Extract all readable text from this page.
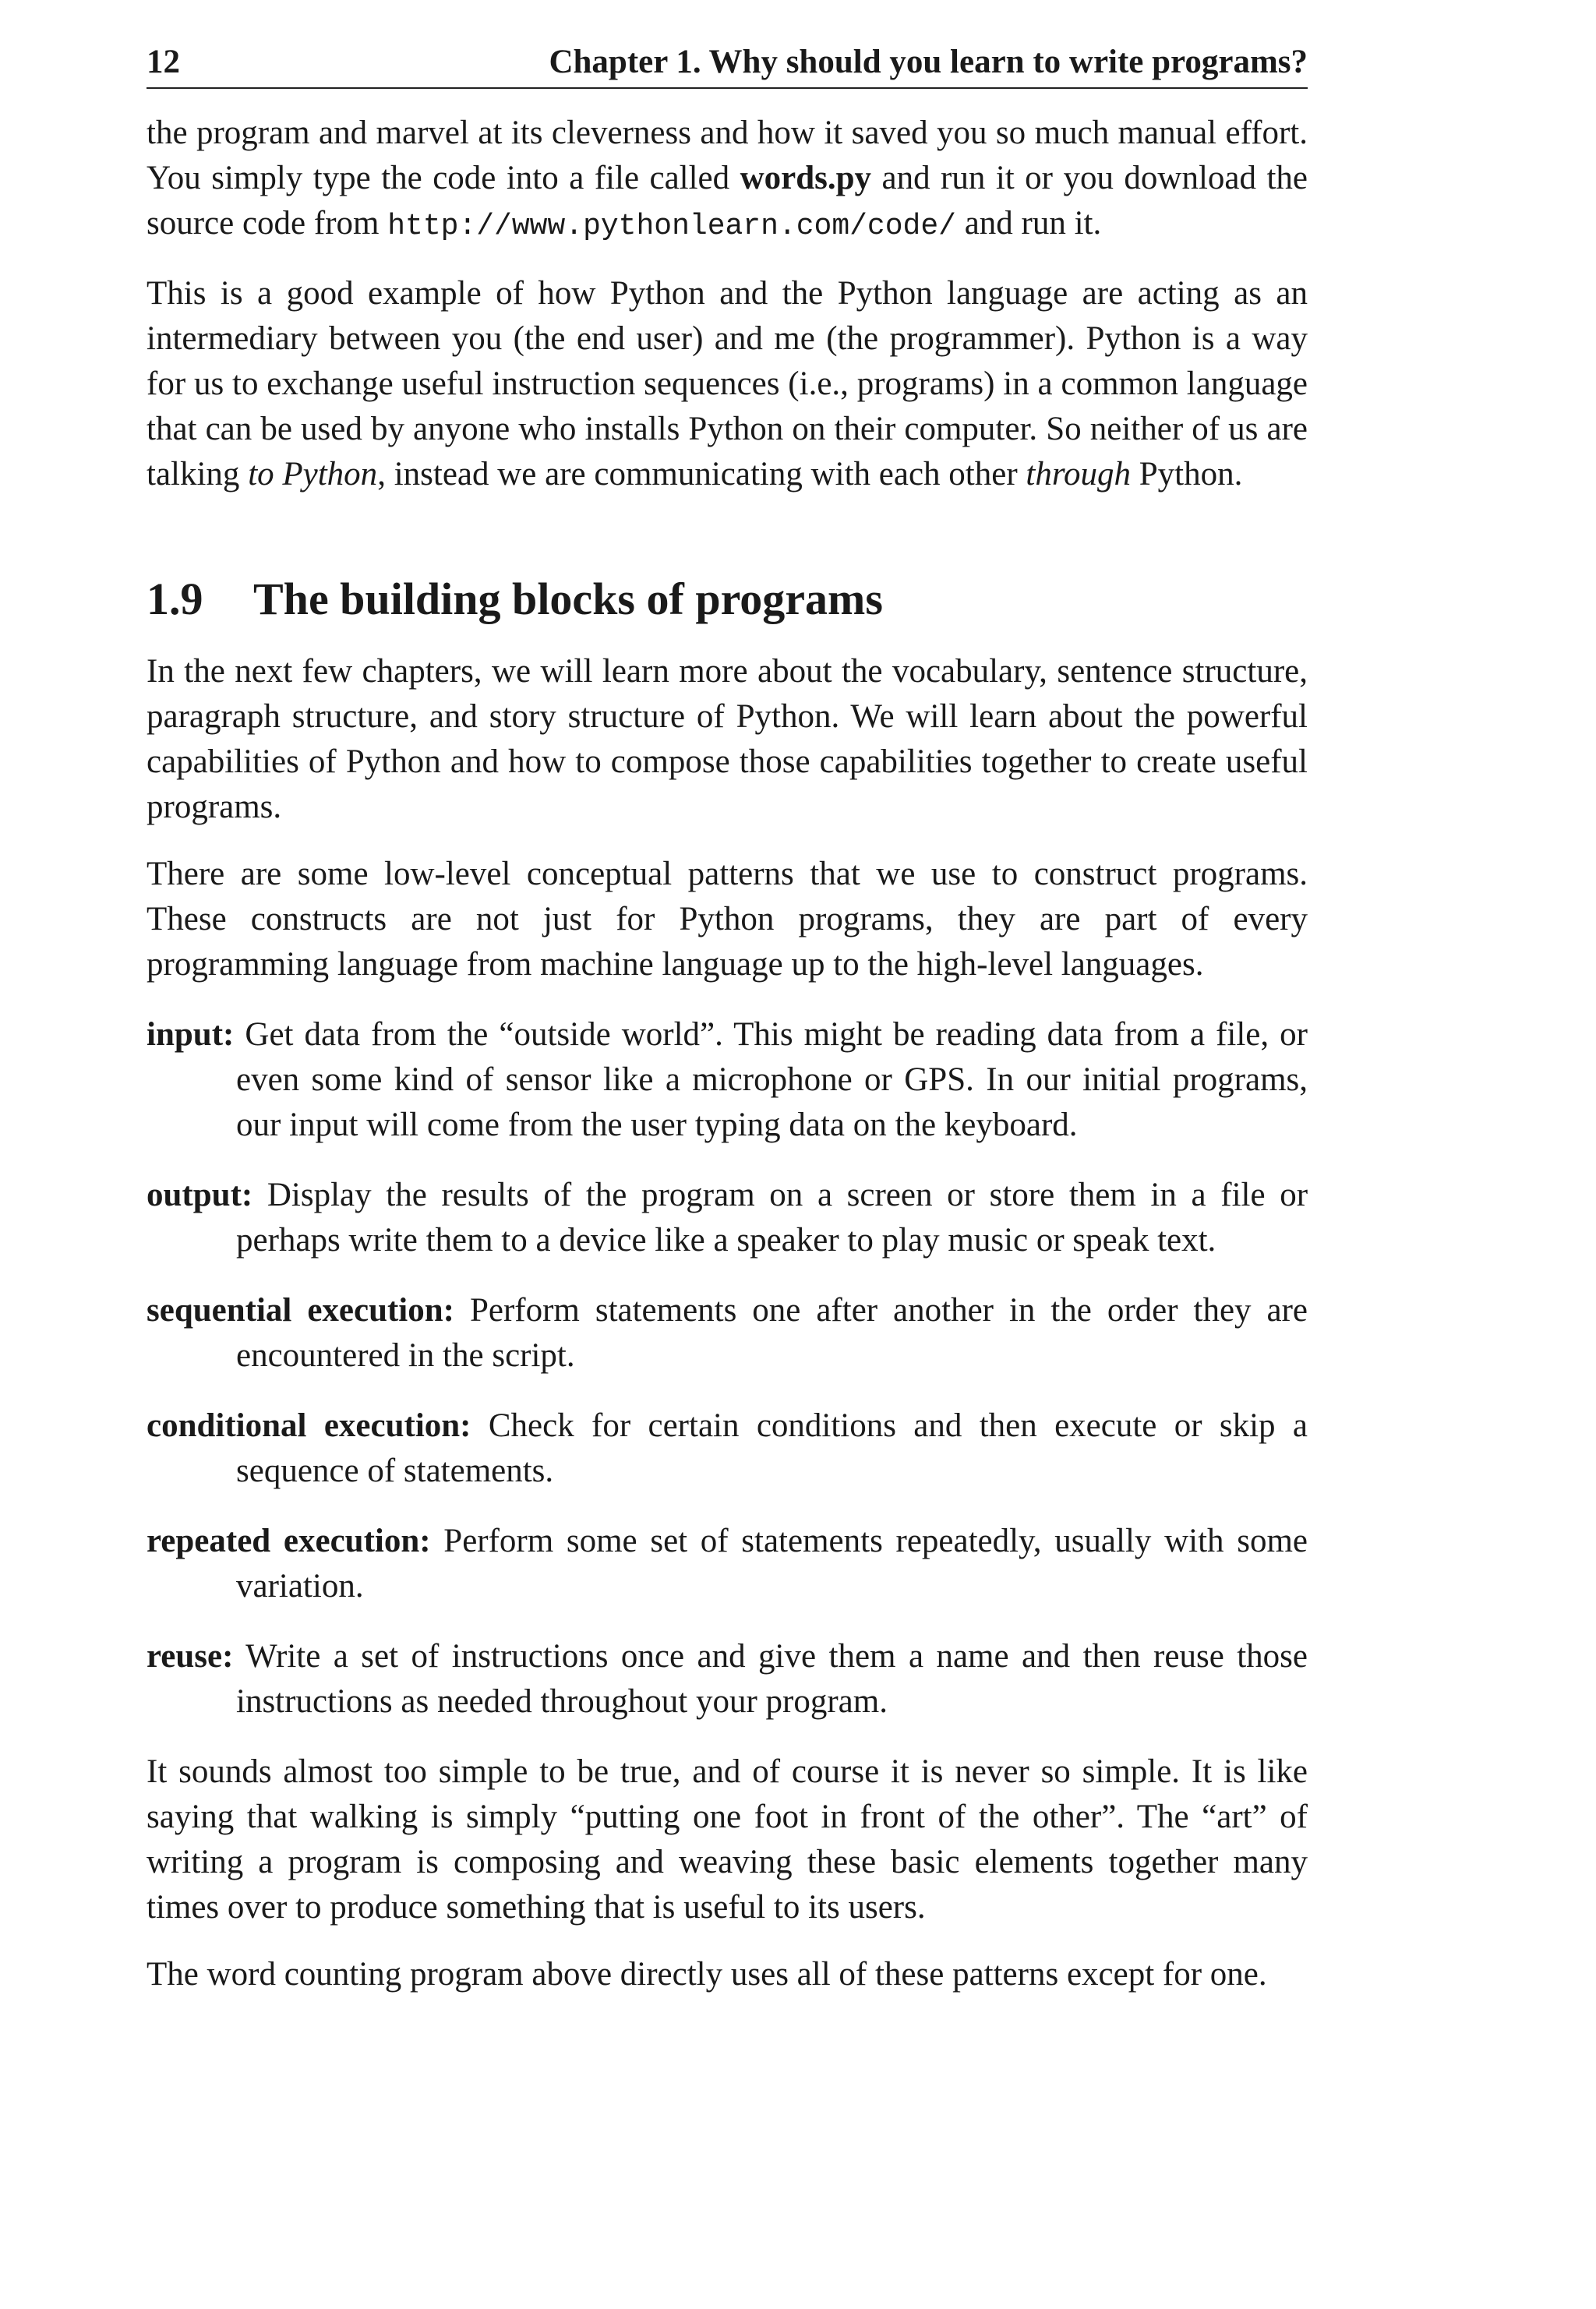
12	Chapter 1. Why should you learn to write programs?

the program and marvel at its cleverness and how it saved you so much manual effort. You simply type the code into a file called words.py and run it or you download the source code from http://www.pythonlearn.com/code/ and run it.

This is a good example of how Python and the Python language are acting as an intermediary between you (the end user) and me (the programmer). Python is a way for us to exchange useful instruction sequences (i.e., programs) in a common language that can be used by anyone who installs Python on their computer. So neither of us are talking to Python, instead we are communicating with each other through Python.

1.9 The building blocks of programs

In the next few chapters, we will learn more about the vocabulary, sentence structure, paragraph structure, and story structure of Python. We will learn about the powerful capabilities of Python and how to compose those capabilities together to create useful programs.

There are some low-level conceptual patterns that we use to construct programs. These constructs are not just for Python programs, they are part of every programming language from machine language up to the high-level languages.

input: Get data from the “outside world”. This might be reading data from a file, or even some kind of sensor like a microphone or GPS. In our initial programs, our input will come from the user typing data on the keyboard.

output: Display the results of the program on a screen or store them in a file or perhaps write them to a device like a speaker to play music or speak text.

sequential execution: Perform statements one after another in the order they are encountered in the script.

conditional execution: Check for certain conditions and then execute or skip a sequence of statements.

repeated execution: Perform some set of statements repeatedly, usually with some variation.

reuse: Write a set of instructions once and give them a name and then reuse those instructions as needed throughout your program.

It sounds almost too simple to be true, and of course it is never so simple. It is like saying that walking is simply “putting one foot in front of the other”. The “art” of writing a program is composing and weaving these basic elements together many times over to produce something that is useful to its users.

The word counting program above directly uses all of these patterns except for one.
